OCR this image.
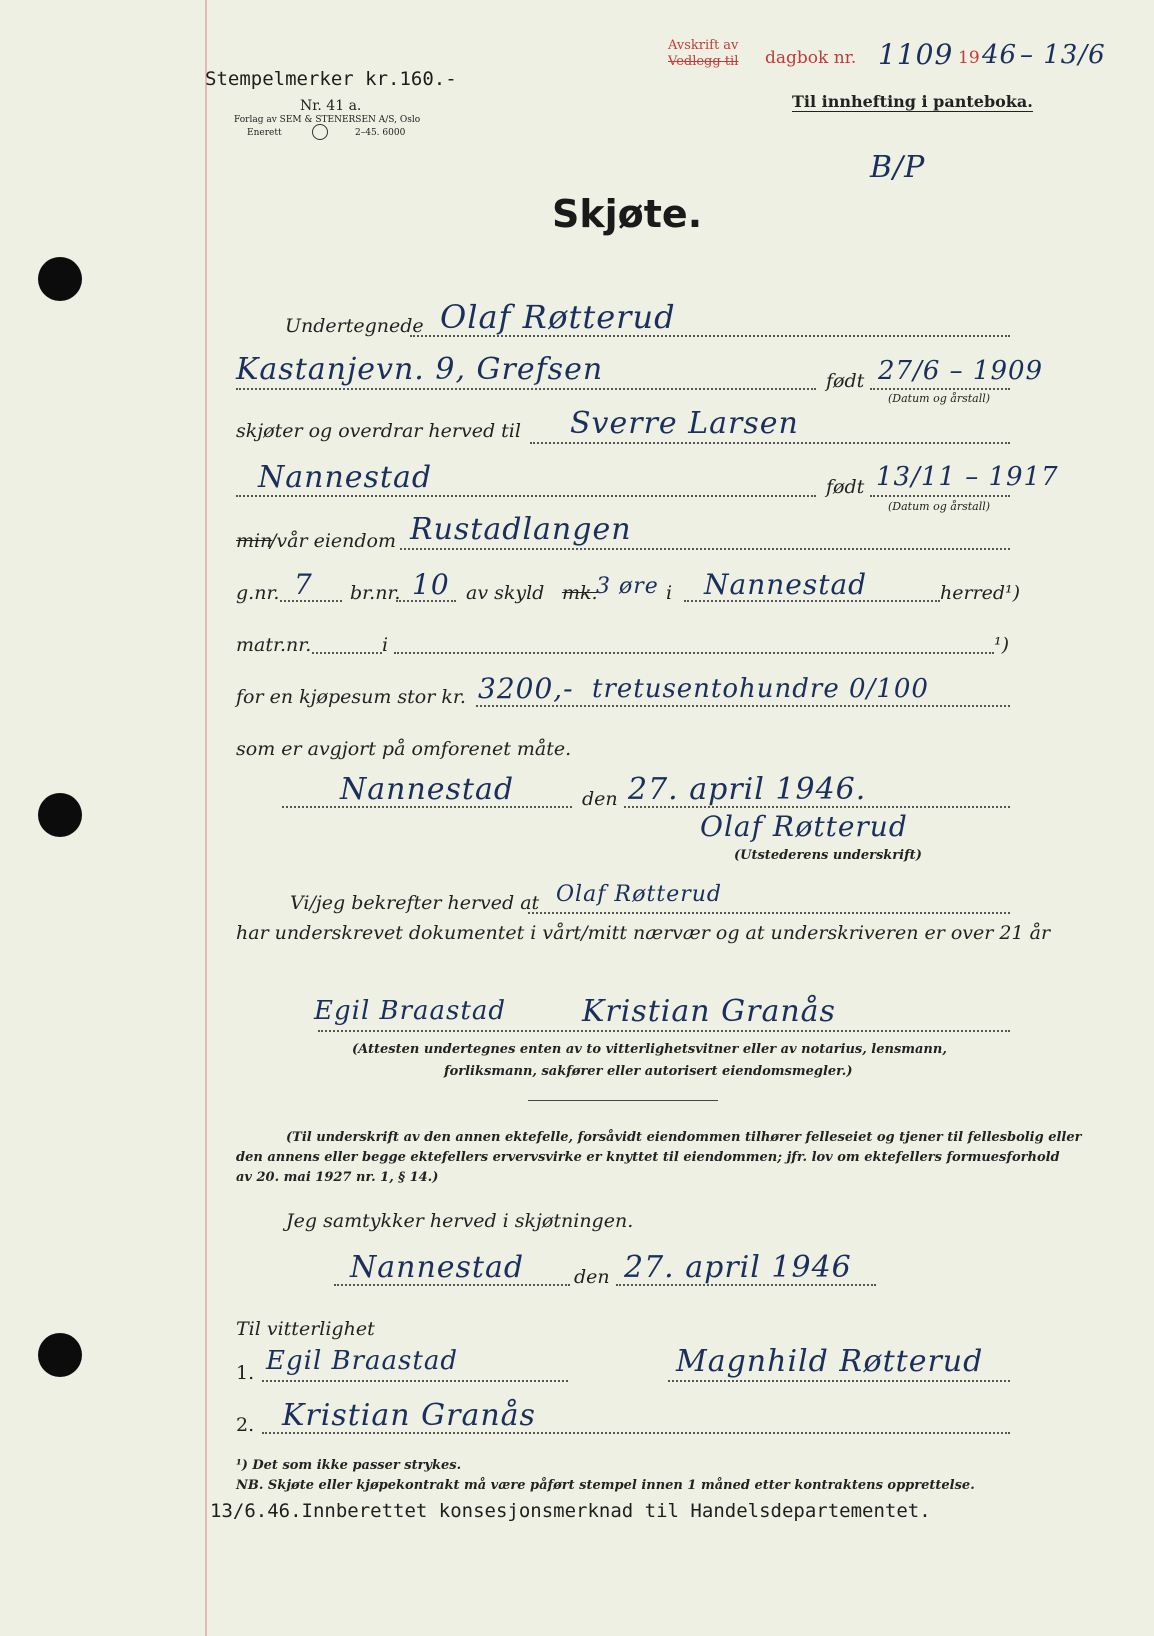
Stempelmerker kr.160.-
Nr. 41 a.
Forlag av SEM & STENERSEN A/S, Oslo
Enerett	2–45. 6000
Avskrift av
Vedlegg til dagbok nr. 1109 19 46 – 13/6
Til innhefting i panteboka.
B/P
Skjøte.
Undertegnede Olaf Røtterud
Kastanjevn. 9, Grefsen	født 27/6 – 1909
(Datum og årstall)
skjøter og overdrar herved til Sverre Larsen
Nannestad	født 13/11 – 1917
(Datum og årstall)
min
/vår eiendom Rustadlangen
g.nr. 7 br.nr. 10 av skyld mk.
3 øre i Nannestad	herred¹)
matr.nr.	i	¹)
for en kjøpesum stor kr. 3200,- tretusentohundre 0/100
som er avgjort på omforenet måte.
Nannestad	den 27. april 1946.
Olaf Røtterud
(Utstederens underskrift)
Vi/jeg bekrefter herved at Olaf Røtterud
har underskrevet dokumentet i vårt/mitt nærvær og at underskriveren er over 21 år
Egil Braastad	Kristian Granås
(Attesten undertegnes enten av to vitterlighetsvitner eller av notarius, lensmann,
forliksmann, sakfører eller autorisert eiendomsmegler.)
(Til underskrift av den annen ektefelle, forsåvidt eiendommen tilhører felleseiet og tjener til fellesbolig eller
den annens eller begge ektefellers ervervsvirke er knyttet til eiendommen; jfr. lov om ektefellers formuesforhold
av 20. mai 1927 nr. 1, § 14.)
Jeg samtykker herved i skjøtningen.
Nannestad	den 27. april 1946
Til vitterlighet
1. Egil Braastad	Magnhild Røtterud
2. Kristian Granås
¹) Det som ikke passer strykes.
NB. Skjøte eller kjøpekontrakt må være påført stempel innen 1 måned etter kontraktens opprettelse.
13/6.46.Innberettet konsesjonsmerknad til Handelsdepartementet.
